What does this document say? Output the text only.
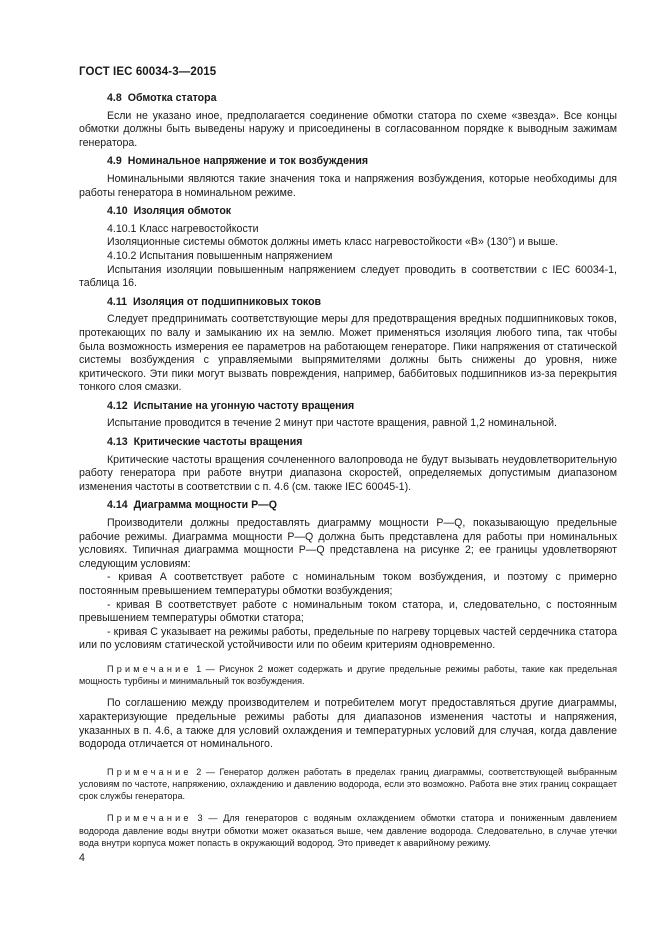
ГОСТ IEC 60034-3—2015

4.8 Обмотка статора

Если не указано иное, предполагается соединение обмотки статора по схеме «звезда». Все концы обмотки должны быть выведены наружу и присоединены в согласованном порядке к выводным зажимам генератора.

4.9 Номинальное напряжение и ток возбуждения

Номинальными являются такие значения тока и напряжения возбуждения, которые необходимы для работы генератора в номинальном режиме.

4.10 Изоляция обмоток

4.10.1 Класс нагревостойкости

Изоляционные системы обмоток должны иметь класс нагревостойкости «В» (130°) и выше.

4.10.2 Испытания повышенным напряжением

Испытания изоляции повышенным напряжением следует проводить в соответствии с IEC 60034-1, таблица 16.

4.11 Изоляция от подшипниковых токов

Следует предпринимать соответствующие меры для предотвращения вредных подшипниковых токов, протекающих по валу и замыканию их на землю. Может применяться изоляция любого типа, так чтобы была возможность измерения ее параметров на работающем генераторе. Пики напряжения от статической системы возбуждения с управляемыми выпрямителями должны быть снижены до уровня, ниже критического. Эти пики могут вызвать повреждения, например, баббитовых подшипников из-за перекрытия тонкого слоя смазки.

4.12 Испытание на угонную частоту вращения

Испытание проводится в течение 2 минут при частоте вращения, равной 1,2 номинальной.

4.13 Критические частоты вращения

Критические частоты вращения сочлененного валопровода не будут вызывать неудовлетворительную работу генератора при работе внутри диапазона скоростей, определяемых допустимым диапазоном изменения частоты в соответствии с п. 4.6 (см. также IEC 60045-1).

4.14 Диаграмма мощности P—Q

Производители должны предоставлять диаграмму мощности P—Q, показывающую предельные рабочие режимы. Диаграмма мощности P—Q должна быть представлена для работы при номинальных условиях. Типичная диаграмма мощности P—Q представлена на рисунке 2; ее границы удовлетворяют следующим условиям:

- кривая A соответствует работе с номинальным током возбуждения, и поэтому с примерно постоянным превышением температуры обмотки возбуждения;

- кривая B соответствует работе с номинальным током статора, и, следовательно, с постоянным превышением температуры обмотки статора;

- кривая C указывает на режимы работы, предельные по нагреву торцевых частей сердечника статора или по условиям статической устойчивости или по обеим критериям одновременно.

Примечание 1 — Рисунок 2 может содержать и другие предельные режимы работы, такие как предельная мощность турбины и минимальный ток возбуждения.

По соглашению между производителем и потребителем могут предоставляться другие диаграммы, характеризующие предельные режимы работы для диапазонов изменения частоты и напряжения, указанных в п. 4.6, а также для условий охлаждения и температурных условий для случая, когда давление водорода отличается от номинального.

Примечание 2 — Генератор должен работать в пределах границ диаграммы, соответствующей выбранным условиям по частоте, напряжению, охлаждению и давлению водорода, если это возможно. Работа вне этих границ сокращает срок службы генератора.

Примечание 3 — Для генераторов с водяным охлаждением обмотки статора и пониженным давлением водорода давление воды внутри обмотки может оказаться выше, чем давление водорода. Следовательно, в случае утечки вода внутри корпуса может попасть в окружающий водород. Это приведет к аварийному режиму.

4
